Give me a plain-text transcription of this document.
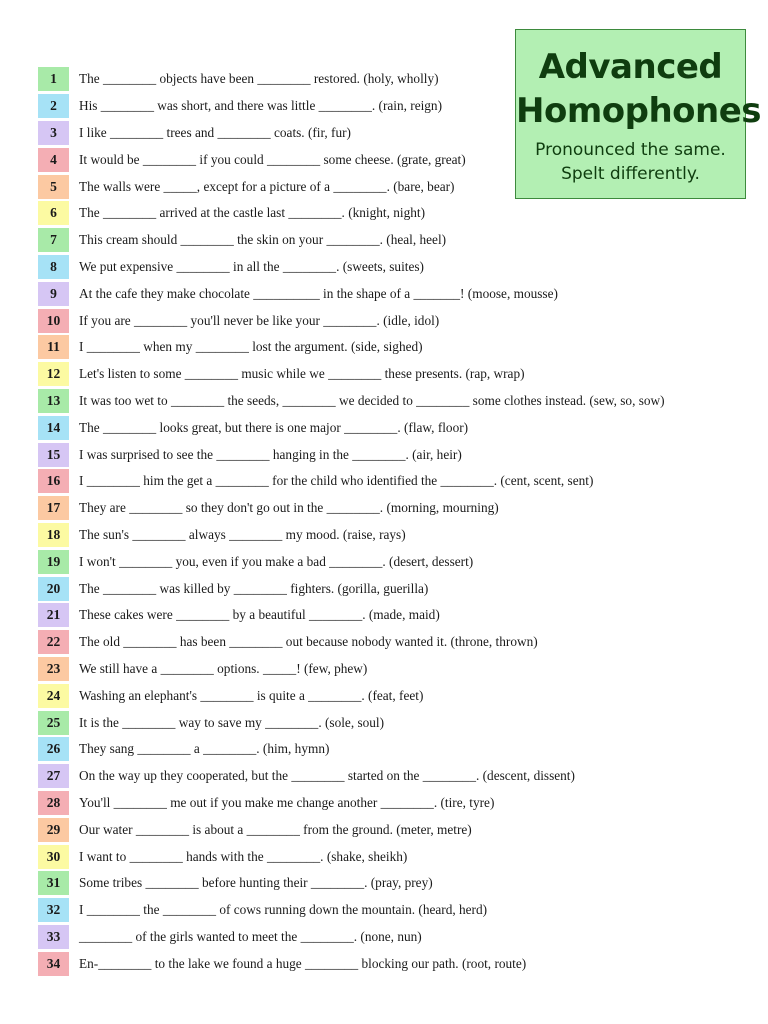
Advanced
Homophones
Pronounced the same.
Spelt differently.
1	The ________ objects have been ________ restored. (holy, wholly)
2	His ________ was short, and there was little ________. (rain, reign)
3	I like ________ trees and ________ coats. (fir, fur)
4	It would be ________ if you could ________ some cheese. (grate, great)
5	The walls were _____, except for a picture of a ________. (bare, bear)
6	The ________ arrived at the castle last ________. (knight, night)
7	This cream should ________ the skin on your ________. (heal, heel)
8	We put expensive ________ in all the ________. (sweets, suites)
9	At the cafe they make chocolate __________ in the shape of a _______! (moose, mousse)
10	If you are ________ you'll never be like your ________. (idle, idol)
11	I ________ when my ________ lost the argument. (side, sighed)
12	Let's listen to some ________ music while we ________ these presents. (rap, wrap)
13	It was too wet to ________ the seeds, ________ we decided to ________ some clothes instead. (sew, so, sow)
14	The ________ looks great, but there is one major ________. (flaw, floor)
15	I was surprised to see the ________ hanging in the ________. (air, heir)
16	I ________ him the get a ________ for the child who identified the ________. (cent, scent, sent)
17	They are ________ so they don't go out in the ________. (morning, mourning)
18	The sun's ________ always ________ my mood. (raise, rays)
19	I won't ________ you, even if you make a bad ________. (desert, dessert)
20	The ________ was killed by ________ fighters. (gorilla, guerilla)
21	These cakes were ________ by a beautiful ________. (made, maid)
22	The old ________ has been ________ out because nobody wanted it. (throne, thrown)
23	We still have a ________ options. _____! (few, phew)
24	Washing an elephant's ________ is quite a ________. (feat, feet)
25	It is the ________ way to save my ________. (sole, soul)
26	They sang ________ a ________. (him, hymn)
27	On the way up they cooperated, but the ________ started on the ________. (descent, dissent)
28	You'll ________ me out if you make me change another ________. (tire, tyre)
29	Our water ________ is about a ________ from the ground. (meter, metre)
30	I want to ________ hands with the ________. (shake, sheikh)
31	Some tribes ________ before hunting their ________. (pray, prey)
32	I ________ the ________ of cows running down the mountain. (heard, herd)
33	________ of the girls wanted to meet the ________. (none, nun)
34	En-________ to the lake we found a huge ________ blocking our path. (root, route)
